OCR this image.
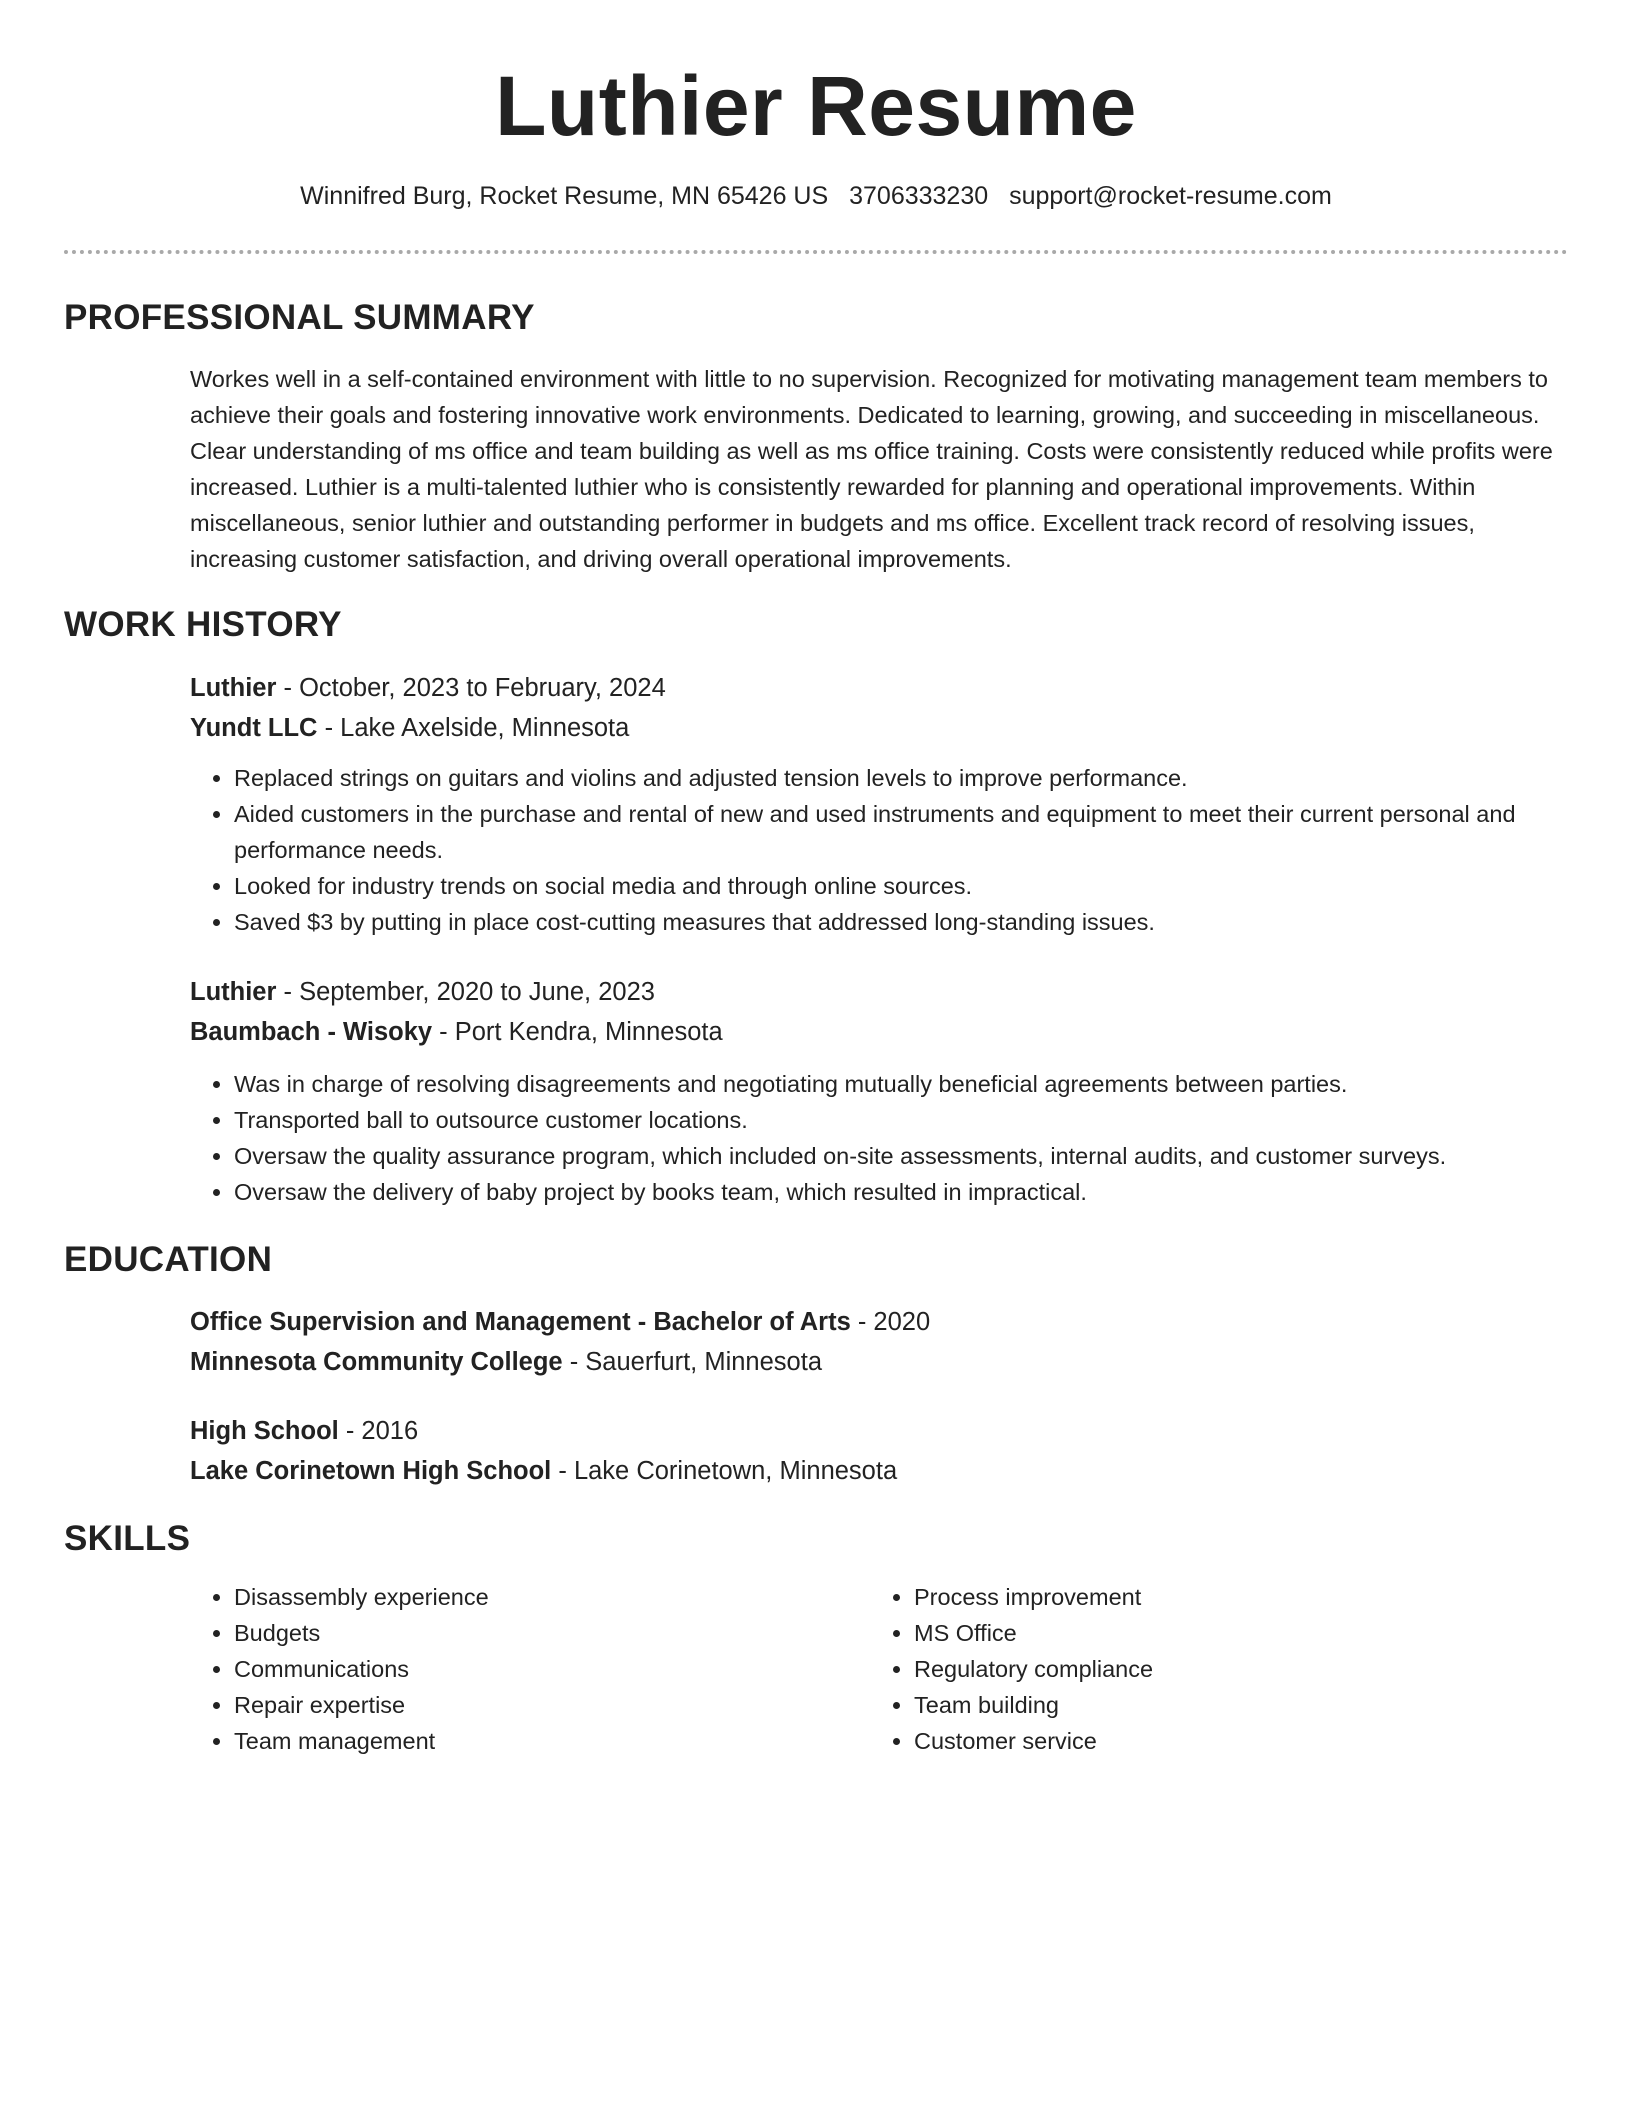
Luthier Resume
Winnifred Burg, Rocket Resume, MN 65426 US 3706333230 support@rocket-resume.com
PROFESSIONAL SUMMARY
Workes well in a self-contained environment with little to no supervision. Recognized for motivating management team members to achieve their goals and fostering innovative work environments. Dedicated to learning, growing, and succeeding in miscellaneous. Clear understanding of ms office and team building as well as ms office training. Costs were consistently reduced while profits were increased. Luthier is a multi-talented luthier who is consistently rewarded for planning and operational improvements. Within miscellaneous, senior luthier and outstanding performer in budgets and ms office. Excellent track record of resolving issues, increasing customer satisfaction, and driving overall operational improvements.
WORK HISTORY
Luthier - October, 2023 to February, 2024
Yundt LLC - Lake Axelside, Minnesota
• Replaced strings on guitars and violins and adjusted tension levels to improve performance.
• Aided customers in the purchase and rental of new and used instruments and equipment to meet their current personal and performance needs.
• Looked for industry trends on social media and through online sources.
• Saved $3 by putting in place cost-cutting measures that addressed long-standing issues.
Luthier - September, 2020 to June, 2023
Baumbach - Wisoky - Port Kendra, Minnesota
• Was in charge of resolving disagreements and negotiating mutually beneficial agreements between parties.
• Transported ball to outsource customer locations.
• Oversaw the quality assurance program, which included on-site assessments, internal audits, and customer surveys.
• Oversaw the delivery of baby project by books team, which resulted in impractical.
EDUCATION
Office Supervision and Management - Bachelor of Arts - 2020
Minnesota Community College - Sauerfurt, Minnesota
High School - 2016
Lake Corinetown High School - Lake Corinetown, Minnesota
SKILLS
• Disassembly experience
• Budgets
• Communications
• Repair expertise
• Team management
• Process improvement
• MS Office
• Regulatory compliance
• Team building
• Customer service
